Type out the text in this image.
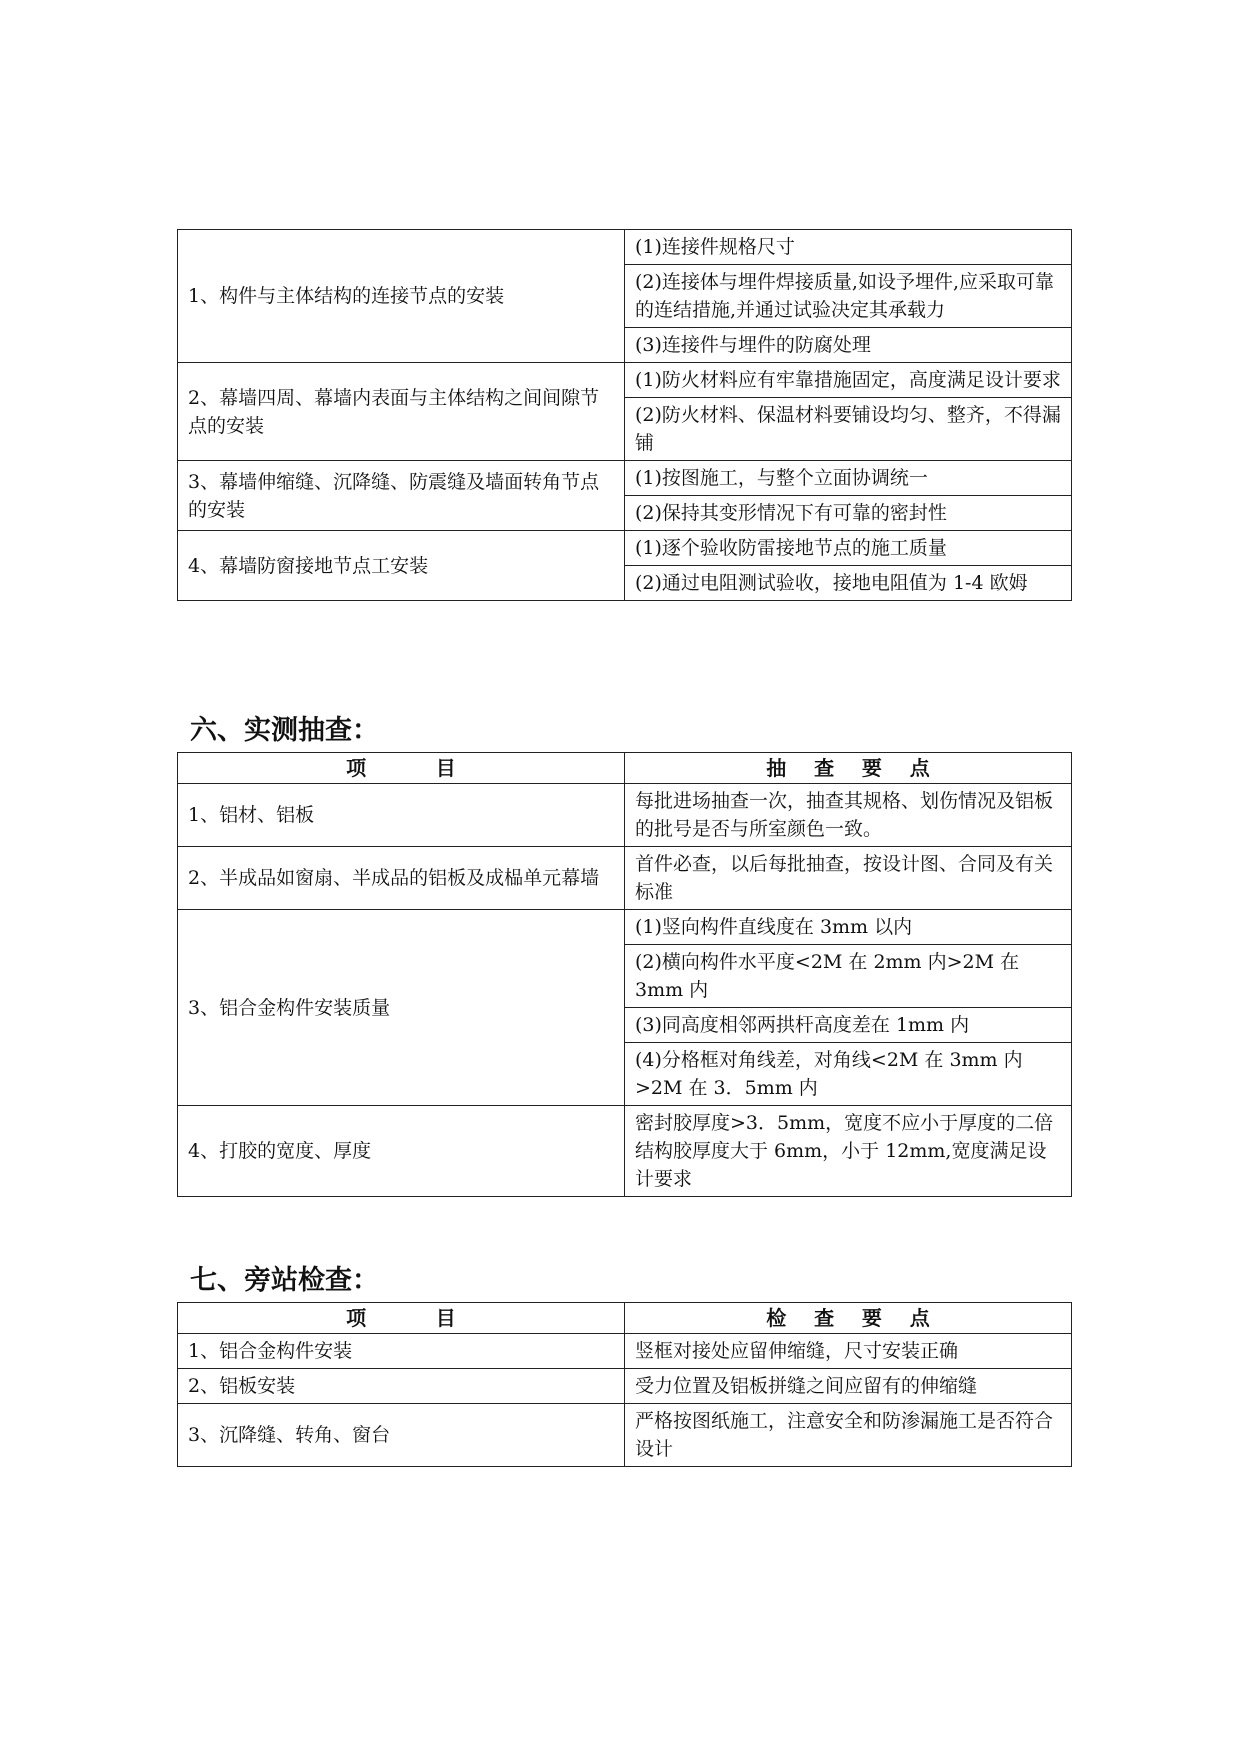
1、构件与主体结构的连接节点的安装	(1)连接件规格尺寸
	(2)连接体与埋件焊接质量,如设予埋件,应采取可靠的连结措施,并通过试验决定其承载力
	(3)连接件与埋件的防腐处理
2、幕墙四周、幕墙内表面与主体结构之间间隙节点的安装	(1)防火材料应有牢靠措施固定，高度满足设计要求
	(2)防火材料、保温材料要铺设均匀、整齐，不得漏铺
3、幕墙伸缩缝、沉降缝、防震缝及墙面转角节点的安装	(1)按图施工，与整个立面协调统一
	(2)保持其变形情况下有可靠的密封性
4、幕墙防窗接地节点工安装	(1)逐个验收防雷接地节点的施工质量
	(2)通过电阻测试验收，接地电阻值为 1-4 欧姆
六、实测抽查：
项          目	抽    查    要    点
1、铝材、铝板	每批进场抽查一次，抽查其规格、划伤情况及铝板的批号是否与所室颜色一致。
2、半成品如窗扇、半成品的铝板及成榀单元幕墙	首件必查，以后每批抽查，按设计图、合同及有关标准
3、铝合金构件安装质量	(1)竖向构件直线度在 3mm 以内
	(2)横向构件水平度<2M 在 2mm 内>2M 在 3mm 内
	(3)同高度相邻两拱杆高度差在 1mm 内
	(4)分格框对角线差，对角线<2M 在 3mm 内>2M 在 3．5mm 内
4、打胶的宽度、厚度	密封胶厚度>3．5mm，宽度不应小于厚度的二倍结构胶厚度大于 6mm，小于 12mm,宽度满足设计要求
七、旁站检查：
项          目	检    查    要    点
1、铝合金构件安装	竖框对接处应留伸缩缝，尺寸安装正确
2、铝板安装	受力位置及铝板拼缝之间应留有的伸缩缝
3、沉降缝、转角、窗台	严格按图纸施工，注意安全和防渗漏施工是否符合设计
